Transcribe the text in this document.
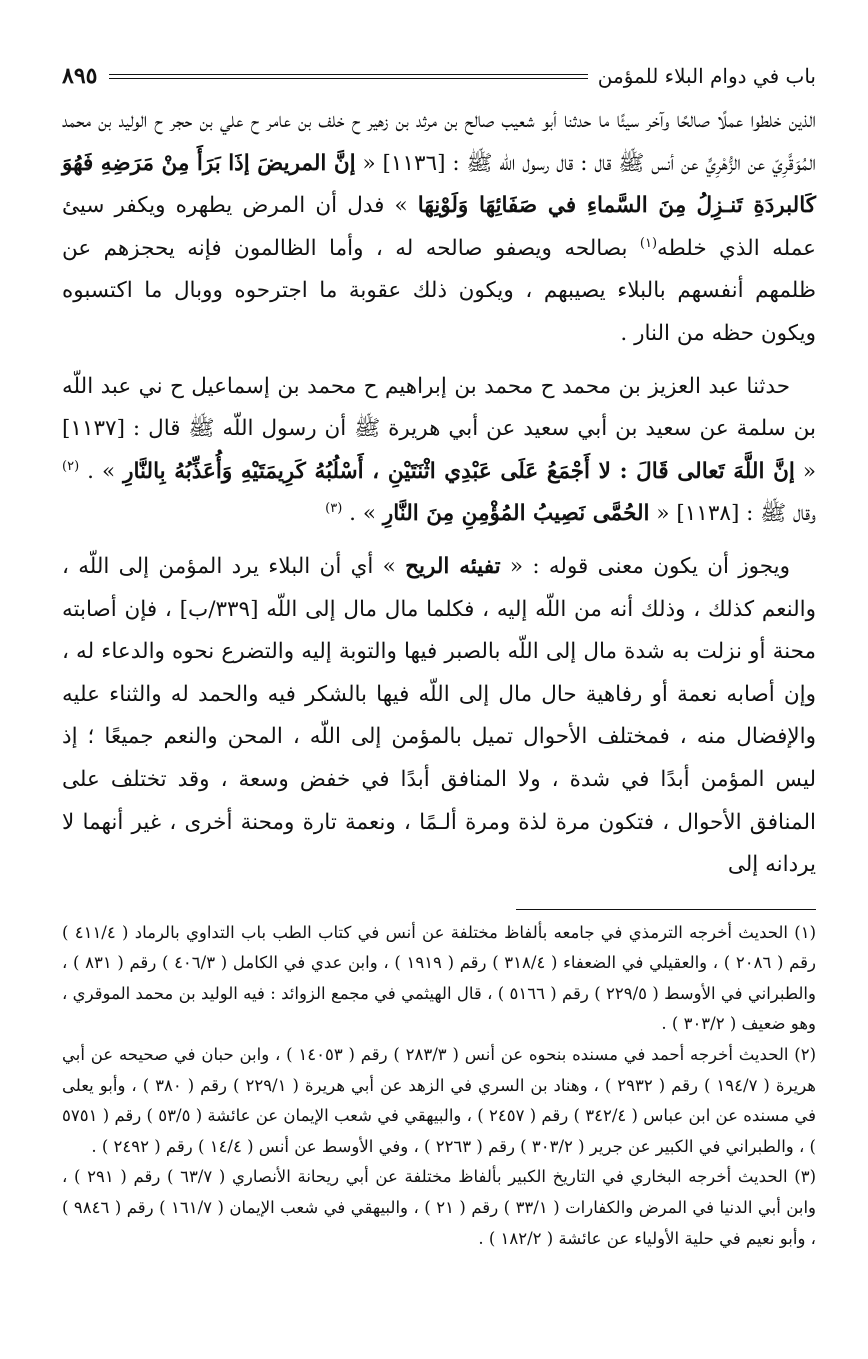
باب في دوام البلاء للمؤمن
٨٩٥

الذين خلطوا عملًا صالحًا وآخر سيئًا ما حدثنا أبو شعيب صالح بن مرثد بن زهير ح خلف بن عامر ح علي بن حجر ح الوليد بن محمد المُوَقَّرِيّ عن الزُّهْرِيِّ عن أنس ﷺ قال : قال رسول اللّه ﷺ : [١١٣٦] « إنَّ المريضَ إذَا بَرَأَ مِنْ مَرَضِهِ فَهُوَ كَالبردَةِ تَنـزِلُ مِنَ السَّماءِ في صَفَائِهَا وَلَوْنِهَا » فدل أن المرض يطهره ويكفر سيئ عمله الذي خلطه$^{(١)}$ بصالحه ويصفو صالحه له ، وأما الظالمون فإنه يحجزهم عن ظلمهم أنفسهم بالبلاء يصيبهم ، ويكون ذلك عقوبة ما اجترحوه ووبال ما اكتسبوه ويكون حظه من النار .

حدثنا عبد العزيز بن محمد ح محمد بن إبراهيم ح محمد بن إسماعيل ح ني عبد اللّه بن سلمة عن سعيد بن أبي سعيد عن أبي هريرة ﷺ أن رسول اللّه ﷺ قال : [١١٣٧] « إنَّ اللَّهَ تَعالى قَالَ : لا أَجْمَعُ عَلَى عَبْدِي اثْنَتَيْنِ ، أَسْلُبُهُ كَرِيمَتَيْهِ وَأُعَذِّبُهُ بِالنَّارِ » . $^{(٢)}$ وقال ﷺ : [١١٣٨] « الحُمَّى نَصِيبُ المُؤْمِنِ مِنَ النَّارِ » . $^{(٣)}$

ويجوز أن يكون معنى قوله : « تفيئه الريح » أي أن البلاء يرد المؤمن إلى اللّه ، والنعم كذلك ، وذلك أنه من اللّه إليه ، فكلما مال مال إلى اللّه [٣٣٩/ب] ، فإن أصابته محنة أو نزلت به شدة مال إلى اللّه بالصبر فيها والتوبة إليه والتضرع نحوه والدعاء له ، وإن أصابه نعمة أو رفاهية حال مال إلى اللّه فيها بالشكر فيه والحمد له والثناء عليه والإفضال منه ، فمختلف الأحوال تميل بالمؤمن إلى اللّه ، المحن والنعم جميعًا ؛ إذ ليس المؤمن أبدًا في شدة ، ولا المنافق أبدًا في خفض وسعة ، وقد تختلف على المنافق الأحوال ، فتكون مرة لذة ومرة ألـمًا ، ونعمة تارة ومحنة أخرى ، غير أنهما لا يردانه إلى

(١) الحديث أخرجه الترمذي في جامعه بألفاظ مختلفة عن أنس في كتاب الطب باب التداوي بالرماد ( ٤١١/٤ ) رقم ( ٢٠٨٦ ) ، والعقيلي في الضعفاء ( ٣١٨/٤ ) رقم ( ١٩١٩ ) ، وابن عدي في الكامل ( ٤٠٦/٣ ) رقم ( ٨٣١ ) ، والطبراني في الأوسط ( ٢٢٩/٥ ) رقم ( ٥١٦٦ ) ، قال الهيثمي في مجمع الزوائد : فيه الوليد بن محمد الموقري ، وهو ضعيف ( ٣٠٣/٢ ) .

(٢) الحديث أخرجه أحمد في مسنده بنحوه عن أنس ( ٢٨٣/٣ ) رقم ( ١٤٠٥٣ ) ، وابن حبان في صحيحه عن أبي هريرة ( ١٩٤/٧ ) رقم ( ٢٩٣٢ ) ، وهناد بن السري في الزهد عن أبي هريرة ( ٢٢٩/١ ) رقم ( ٣٨٠ ) ، وأبو يعلى في مسنده عن ابن عباس ( ٣٤٢/٤ ) رقم ( ٢٤٥٧ ) ، والبيهقي في شعب الإيمان عن عائشة ( ٥٣/٥ ) رقم ( ٥٧٥١ ) ، والطبراني في الكبير عن جرير ( ٣٠٣/٢ ) رقم ( ٢٢٦٣ ) ، وفي الأوسط عن أنس ( ١٤/٤ ) رقم ( ٢٤٩٢ ) .

(٣) الحديث أخرجه البخاري في التاريخ الكبير بألفاظ مختلفة عن أبي ريحانة الأنصاري ( ٦٣/٧ ) رقم ( ٢٩١ ) ، وابن أبي الدنيا في المرض والكفارات ( ٣٣/١ ) رقم ( ٢١ ) ، والبيهقي في شعب الإيمان ( ١٦١/٧ ) رقم ( ٩٨٤٦ ) ، وأبو نعيم في حلية الأولياء عن عائشة ( ١٨٢/٢ ) .
